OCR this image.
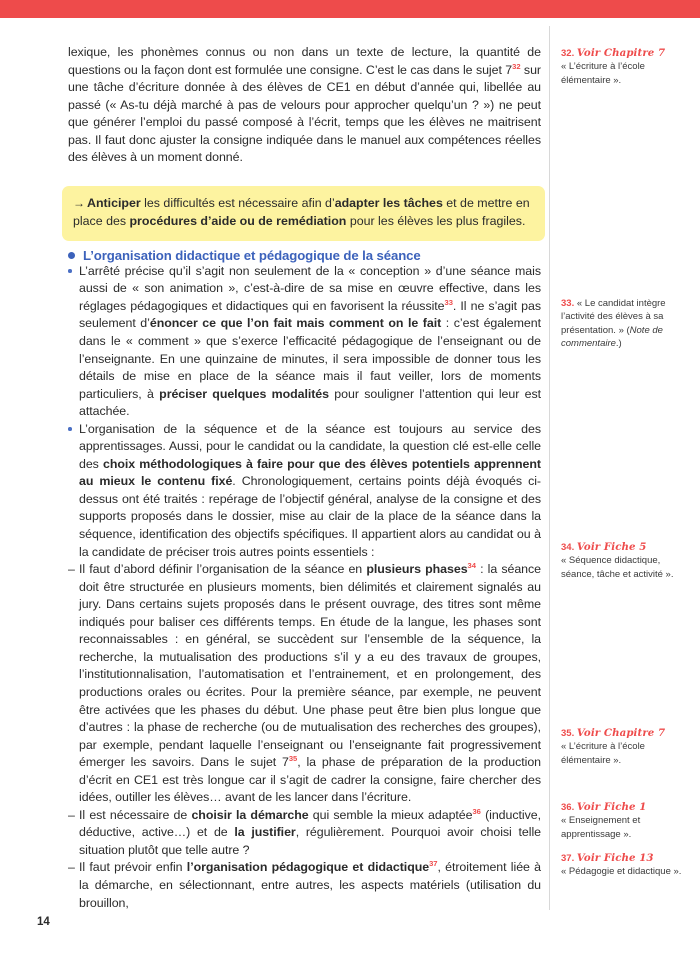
lexique, les phonèmes connus ou non dans un texte de lecture, la quantité de questions ou la façon dont est formulée une consigne. C’est le cas dans le sujet 7$^{32}$ sur une tâche d’écriture donnée à des élèves de CE1 en début d’année qui, libellée au passé (« As-tu déjà marché à pas de velours pour approcher quelqu’un ? ») ne peut que générer l’emploi du passé composé à l’écrit, temps que les élèves ne maitrisent pas. Il faut donc ajuster la consigne indiquée dans le manuel aux compétences réelles des élèves à un moment donné.

L’arrêté précise qu’il s’agit non seulement de la « conception » d’une séance mais aussi de « son animation », c’est-à-dire de sa mise en œuvre effective, dans les réglages pédagogiques et didactiques qui en favorisent la réussite$^{33}$. Il ne s’agit pas seulement d’énoncer ce que l’on fait mais comment on le fait : c’est également dans le « comment » que s’exerce l’efficacité pédagogique de l’enseignant ou de l’enseignante. En une quinzaine de minutes, il sera impossible de donner tous les détails de mise en place de la séance mais il faut veiller, lors de moments particuliers, à préciser quelques modalités pour souligner l’attention qui leur est attachée.

L’organisation de la séquence et de la séance est toujours au service des apprentissages. Aussi, pour le candidat ou la candidate, la question clé est-elle celle des choix méthodologiques à faire pour que des élèves potentiels apprennent au mieux le contenu fixé. Chronologiquement, certains points déjà évoqués ci-dessus ont été traités : repérage de l’objectif général, analyse de la consigne et des supports proposés dans le dossier, mise au clair de la place de la séance dans la séquence, identification des objectifs spécifiques. Il appartient alors au candidat ou à la candidate de préciser trois autres points essentiels :

– Il faut d’abord définir l’organisation de la séance en plusieurs phases$^{34}$ : la séance doit être structurée en plusieurs moments, bien délimités et clairement signalés au jury. Dans certains sujets proposés dans le présent ouvrage, des titres sont même indiqués pour baliser ces différents temps. En étude de la langue, les phases sont reconnaissables : en général, se succèdent sur l’ensemble de la séquence, la recherche, la mutualisation des productions s’il y a eu des travaux de groupes, l’institutionnalisation, l’automatisation et l’entrainement, et en prolongement, des productions orales ou écrites. Pour la première séance, par exemple, ne peuvent être activées que les phases du début. Une phase peut être bien plus longue que d’autres : la phase de recherche (ou de mutualisation des recherches des groupes), par exemple, pendant laquelle l’enseignant ou l’enseignante fait progressivement émerger les savoirs. Dans le sujet 7$^{35}$, la phase de préparation de la production d’écrit en CE1 est très longue car il s’agit de cadrer la consigne, faire chercher des idées, outiller les élèves… avant de les lancer dans l’écriture.

– Il est nécessaire de choisir la démarche qui semble la mieux adaptée$^{36}$ (inductive, déductive, active…) et de la justifier, régulièrement. Pourquoi avoir choisi telle situation plutôt que telle autre ?

– Il faut prévoir enfin l’organisation pédagogique et didactique$^{37}$, étroitement liée à la démarche, en sélectionnant, entre autres, les aspects matériels (utilisation du brouillon,

→ Anticiper les difficultés est nécessaire afin d’adapter les tâches et de mettre en place des procédures d’aide ou de remédiation pour les élèves les plus fragiles.

L’organisation didactique et pédagogique de la séance
32. Voir Chapitre 7
« L’écriture à l’école élémentaire ».
33. « Le candidat intègre l’activité des élèves à sa présentation. » (Note de commentaire.)
34. Voir Fiche 5
« Séquence didactique, séance, tâche et activité ».
35. Voir Chapitre 7
« L’écriture à l’école élémentaire ».
36. Voir Fiche 1
« Enseignement et apprentissage ».
37. Voir Fiche 13
« Pédagogie et didactique ».
14
